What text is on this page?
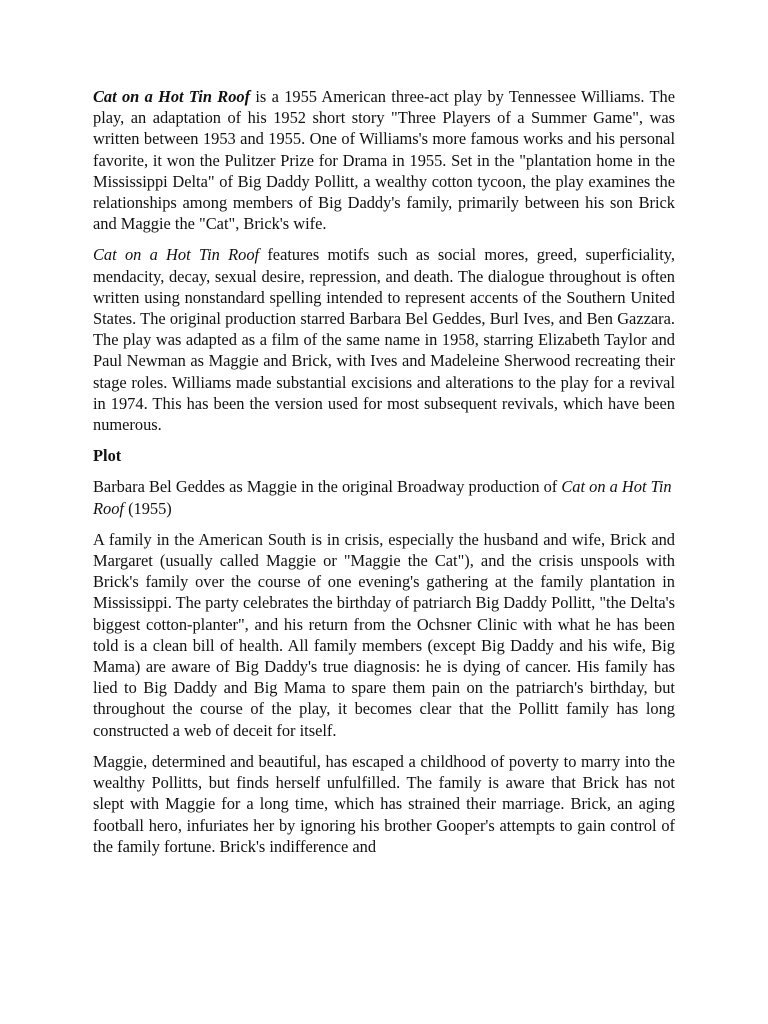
Cat on a Hot Tin Roof is a 1955 American three-act play by Tennessee Williams. The play, an adaptation of his 1952 short story "Three Players of a Summer Game", was written between 1953 and 1955. One of Williams's more famous works and his personal favorite, it won the Pulitzer Prize for Drama in 1955. Set in the "plantation home in the Mississippi Delta" of Big Daddy Pollitt, a wealthy cotton tycoon, the play examines the relationships among members of Big Daddy's family, primarily between his son Brick and Maggie the "Cat", Brick's wife.

Cat on a Hot Tin Roof features motifs such as social mores, greed, superficiality, mendacity, decay, sexual desire, repression, and death. The dialogue throughout is often written using nonstandard spelling intended to represent accents of the Southern United States. The original production starred Barbara Bel Geddes, Burl Ives, and Ben Gazzara. The play was adapted as a film of the same name in 1958, starring Elizabeth Taylor and Paul Newman as Maggie and Brick, with Ives and Madeleine Sherwood recreating their stage roles. Williams made substantial excisions and alterations to the play for a revival in 1974. This has been the version used for most subsequent revivals, which have been numerous.

Plot

Barbara Bel Geddes as Maggie in the original Broadway production of Cat on a Hot Tin Roof (1955)

A family in the American South is in crisis, especially the husband and wife, Brick and Margaret (usually called Maggie or "Maggie the Cat"), and the crisis unspools with Brick's family over the course of one evening's gathering at the family plantation in Mississippi. The party celebrates the birthday of patriarch Big Daddy Pollitt, "the Delta's biggest cotton-planter", and his return from the Ochsner Clinic with what he has been told is a clean bill of health. All family members (except Big Daddy and his wife, Big Mama) are aware of Big Daddy's true diagnosis: he is dying of cancer. His family has lied to Big Daddy and Big Mama to spare them pain on the patriarch's birthday, but throughout the course of the play, it becomes clear that the Pollitt family has long constructed a web of deceit for itself.

Maggie, determined and beautiful, has escaped a childhood of poverty to marry into the wealthy Pollitts, but finds herself unfulfilled. The family is aware that Brick has not slept with Maggie for a long time, which has strained their marriage. Brick, an aging football hero, infuriates her by ignoring his brother Gooper's attempts to gain control of the family fortune. Brick's indifference and
